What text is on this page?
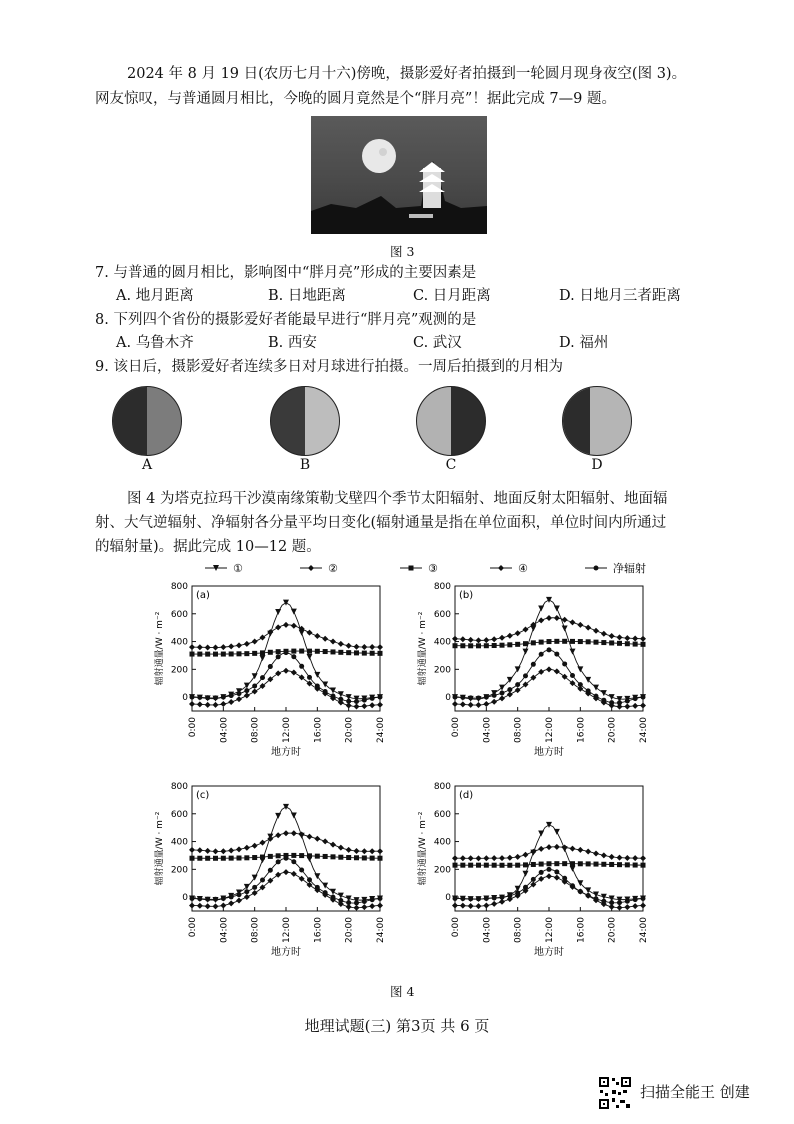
2024 年 8 月 19 日(农历七月十六)傍晚，摄影爱好者拍摄到一轮圆月现身夜空(图 3)。
网友惊叹，与普通圆月相比，今晚的圆月竟然是个“胖月亮”！据此完成 7—9 题。
图 3
7. 与普通的圆月相比，影响图中“胖月亮”形成的主要因素是
A. 地月距离	B. 日地距离	C. 日月距离	D. 日地月三者距离
8. 下列四个省份的摄影爱好者能最早进行“胖月亮”观测的是
A. 乌鲁木齐	B. 西安	C. 武汉	D. 福州
9. 该日后，摄影爱好者连续多日对月球进行拍摄。一周后拍摄到的月相为
A	B	C	D
图 4 为塔克拉玛干沙漠南缘策勒戈壁四个季节太阳辐射、地面反射太阳辐射、地面辐
射、大气逆辐射、净辐射各分量平均日变化(辐射通量是指在单位面积，单位时间内所通过
的辐射量)。据此完成 10—12 题。
①	②	③	④	净辐射
0
200
400
600
800
0:00 04:00 08:00 12:00 16:00 20:00 24:00
(a)
辐射通量/W · m⁻²
地方时
0
200
400
600
800
0:00 04:00 08:00 12:00 16:00 20:00 24:00
(b)
辐射通量/W · m⁻²
地方时
0
200
400
600
800
0:00 04:00 08:00 12:00 16:00 20:00 24:00
(c)
辐射通量/W · m⁻²
地方时
0
200
400
600
800
0:00 04:00 08:00 12:00 16:00 20:00 24:00
(d)
辐射通量/W · m⁻²
地方时
图 4
地理试题(三) 第3页 共 6 页
扫描全能王 创建
